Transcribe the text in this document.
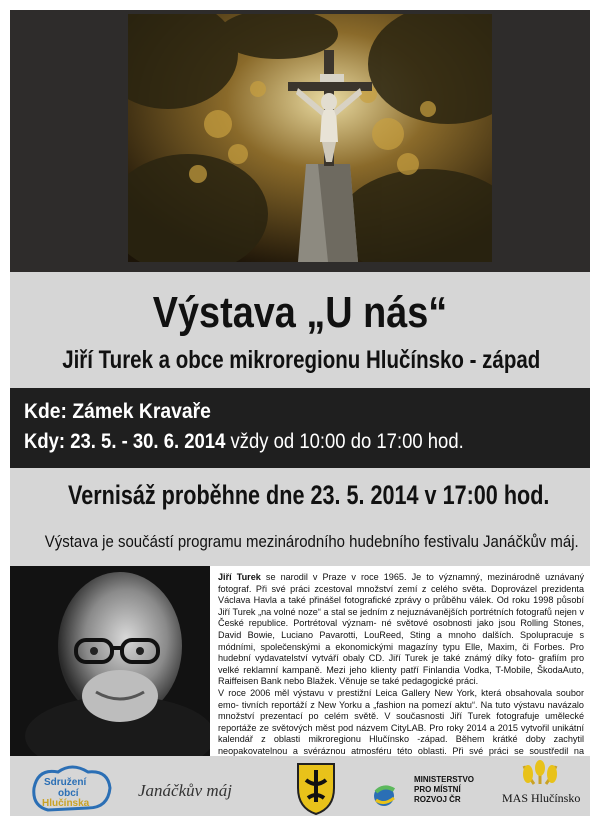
Výstava „U nás“
Jiří Turek a obce mikroregionu Hlučínsko - západ
Kde: Zámek Kravaře
Kdy: 23. 5. - 30. 6. 2014 vždy od 10:00 do 17:00 hod.
Vernisáž proběhne dne 23. 5. 2014 v 17:00 hod.
Výstava je součástí programu mezinárodního hudebního festivalu Janáčkův máj.

Jiří Turek se narodil v Praze v roce 1965. Je to významný, mezinárodně uznávaný fotograf. Při své práci zcestoval množství zemí z celého světa. Doprovázel prezidenta Václava Havla a také přinášel fotografické zprávy o průběhu válek. Od roku 1998 působí Jiří Turek „na volné noze“ a stal se jedním z nejuznávanějších portrétních fotografů nejen v České republice. Portrétoval význam- né světové osobnosti jako jsou Rolling Stones, David Bowie, Luciano Pavarotti, LouReed, Sting a mnoho dalších. Spolupracuje s módními, společenskými a ekonomickými magazíny typu Elle, Maxim, či Forbes. Pro hudební vydavatelství vytváří obaly CD. Jiří Turek je také známý díky foto- grafiím pro velké reklamní kampaně. Mezi jeho klienty patří Finlandia Vodka, T-Mobile, ŠkodaAuto, Raiffeisen Bank nebo Blažek. Věnuje se také pedagogické práci.

V roce 2006 měl výstavu v prestižní Leica Gallery New York, která obsahovala soubor emo- tivních reportáží z New Yorku a „fashion na pomezí aktu“. Na tuto výstavu navázalo množství prezentací po celém světě. V současnosti Jiří Turek fotografuje umělecké reportáže ze světových měst pod názvem CityLAB. Pro roky 2014 a 2015 vytvořil unikátní kalendář z oblasti mikroregionu Hlučínsko -západ. Během krátké doby zachytil neopakovatelnou a svéráznou atmosféru této oblasti. Při své práci se soustředil na

Sdružení
obcí
Hlučínska
Janáčkův máj
MINISTERSTVO
PRO MÍSTNÍ
ROZVOJ ČR	MAS Hlučínsko
